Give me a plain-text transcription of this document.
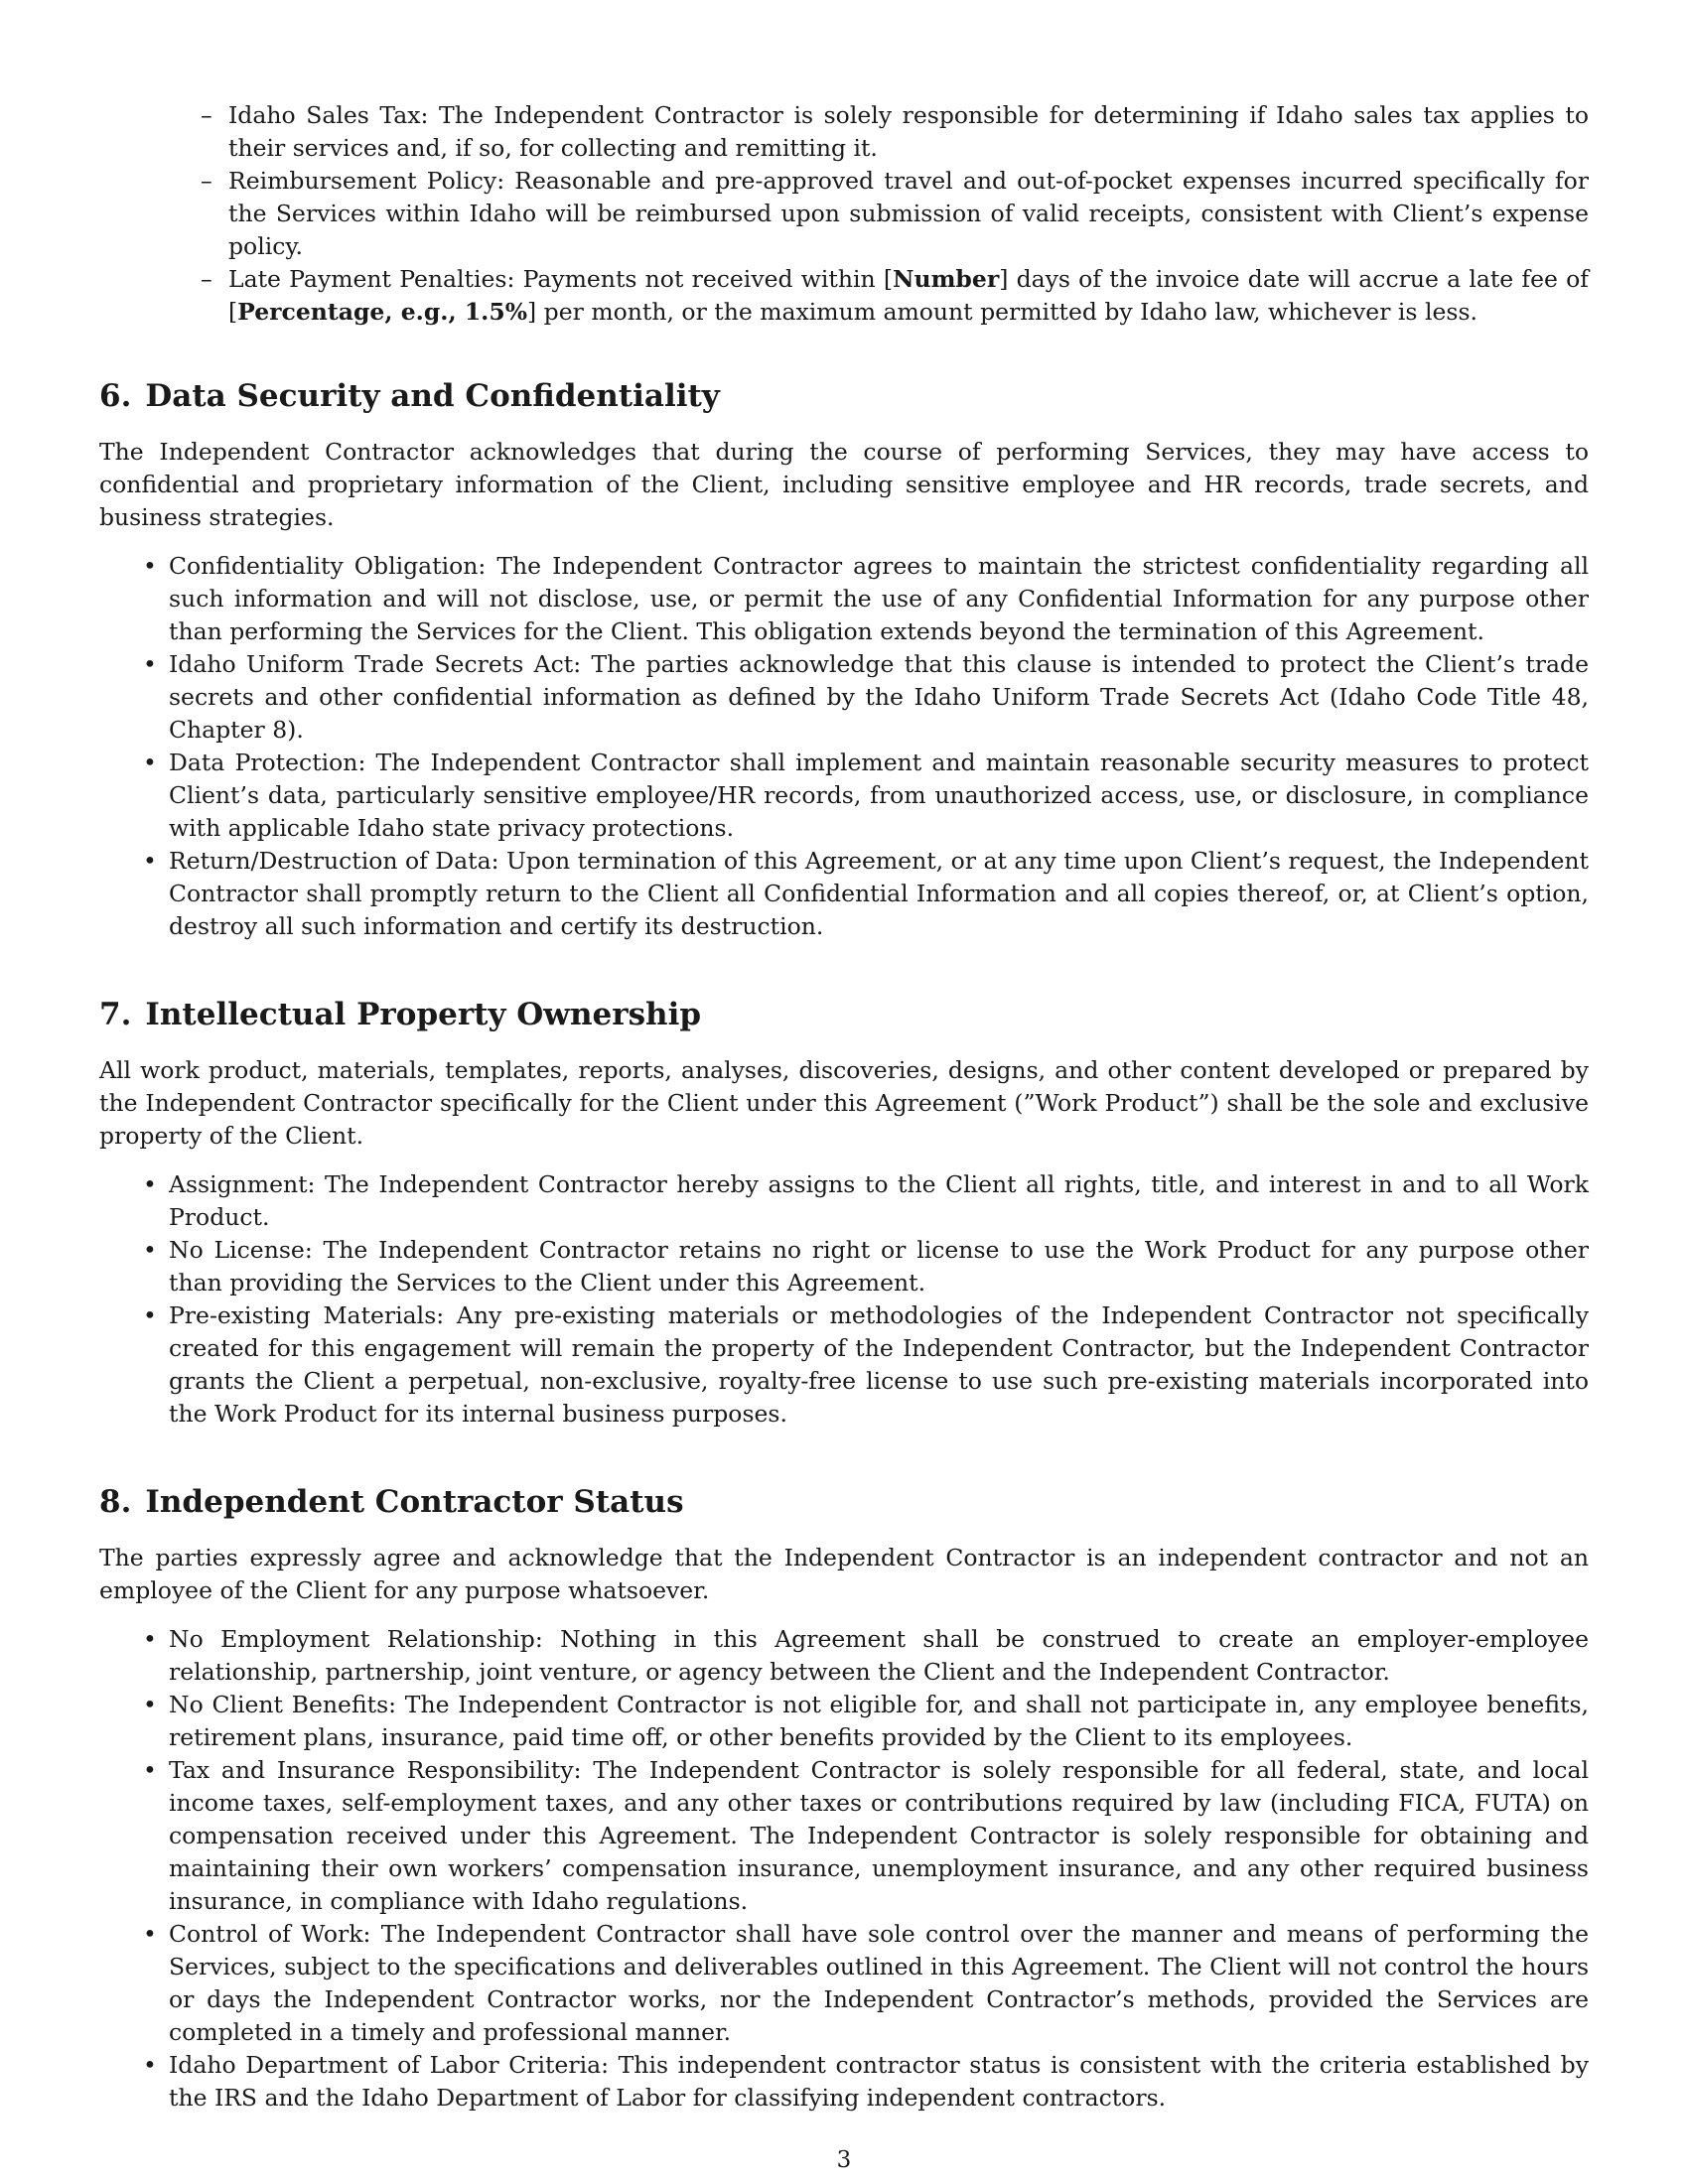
– Idaho Sales Tax: The Independent Contractor is solely responsible for determining if Idaho sales tax applies to their services and, if so, for collecting and remitting it.
– Reimbursement Policy: Reasonable and pre-approved travel and out-of-pocket expenses incurred specifically for the Services within Idaho will be reimbursed upon submission of valid receipts, consistent with Client’s expense policy.
– Late Payment Penalties: Payments not received within [Number] days of the invoice date will accrue a late fee of [Percentage, e.g., 1.5%] per month, or the maximum amount permitted by Idaho law, whichever is less.
6. Data Security and Confidentiality

The Independent Contractor acknowledges that during the course of performing Services, they may have access to confidential and proprietary information of the Client, including sensitive employee and HR records, trade secrets, and business strategies.

• Confidentiality Obligation: The Independent Contractor agrees to maintain the strictest confidentiality regarding all such information and will not disclose, use, or permit the use of any Confidential Information for any purpose other than performing the Services for the Client. This obligation extends beyond the termination of this Agreement.
• Idaho Uniform Trade Secrets Act: The parties acknowledge that this clause is intended to protect the Client’s trade secrets and other confidential information as defined by the Idaho Uniform Trade Secrets Act (Idaho Code Title 48, Chapter 8).
• Data Protection: The Independent Contractor shall implement and maintain reasonable security measures to protect Client’s data, particularly sensitive employee/HR records, from unauthorized access, use, or disclosure, in compliance with applicable Idaho state privacy protections.
• Return/Destruction of Data: Upon termination of this Agreement, or at any time upon Client’s request, the Independent Contractor shall promptly return to the Client all Confidential Information and all copies thereof, or, at Client’s option, destroy all such information and certify its destruction.
7. Intellectual Property Ownership

All work product, materials, templates, reports, analyses, discoveries, designs, and other content developed or prepared by the Independent Contractor specifically for the Client under this Agreement (”Work Product”) shall be the sole and exclusive property of the Client.

• Assignment: The Independent Contractor hereby assigns to the Client all rights, title, and interest in and to all Work Product.
• No License: The Independent Contractor retains no right or license to use the Work Product for any purpose other than providing the Services to the Client under this Agreement.
• Pre-existing Materials: Any pre-existing materials or methodologies of the Independent Contractor not specifically created for this engagement will remain the property of the Independent Contractor, but the Independent Contractor grants the Client a perpetual, non-exclusive, royalty-free license to use such pre-existing materials incorporated into the Work Product for its internal business purposes.
8. Independent Contractor Status

The parties expressly agree and acknowledge that the Independent Contractor is an independent contractor and not an employee of the Client for any purpose whatsoever.

• No Employment Relationship: Nothing in this Agreement shall be construed to create an employer-employee relationship, partnership, joint venture, or agency between the Client and the Independent Contractor.
• No Client Benefits: The Independent Contractor is not eligible for, and shall not participate in, any employee benefits, retirement plans, insurance, paid time off, or other benefits provided by the Client to its employees.
• Tax and Insurance Responsibility: The Independent Contractor is solely responsible for all federal, state, and local income taxes, self-employment taxes, and any other taxes or contributions required by law (including FICA, FUTA) on compensation received under this Agreement. The Independent Contractor is solely responsible for obtaining and maintaining their own workers’ compensation insurance, unemployment insurance, and any other required business insurance, in compliance with Idaho regulations.
• Control of Work: The Independent Contractor shall have sole control over the manner and means of performing the Services, subject to the specifications and deliverables outlined in this Agreement. The Client will not control the hours or days the Independent Contractor works, nor the Independent Contractor’s methods, provided the Services are completed in a timely and professional manner.
• Idaho Department of Labor Criteria: This independent contractor status is consistent with the criteria established by the IRS and the Idaho Department of Labor for classifying independent contractors.
3
